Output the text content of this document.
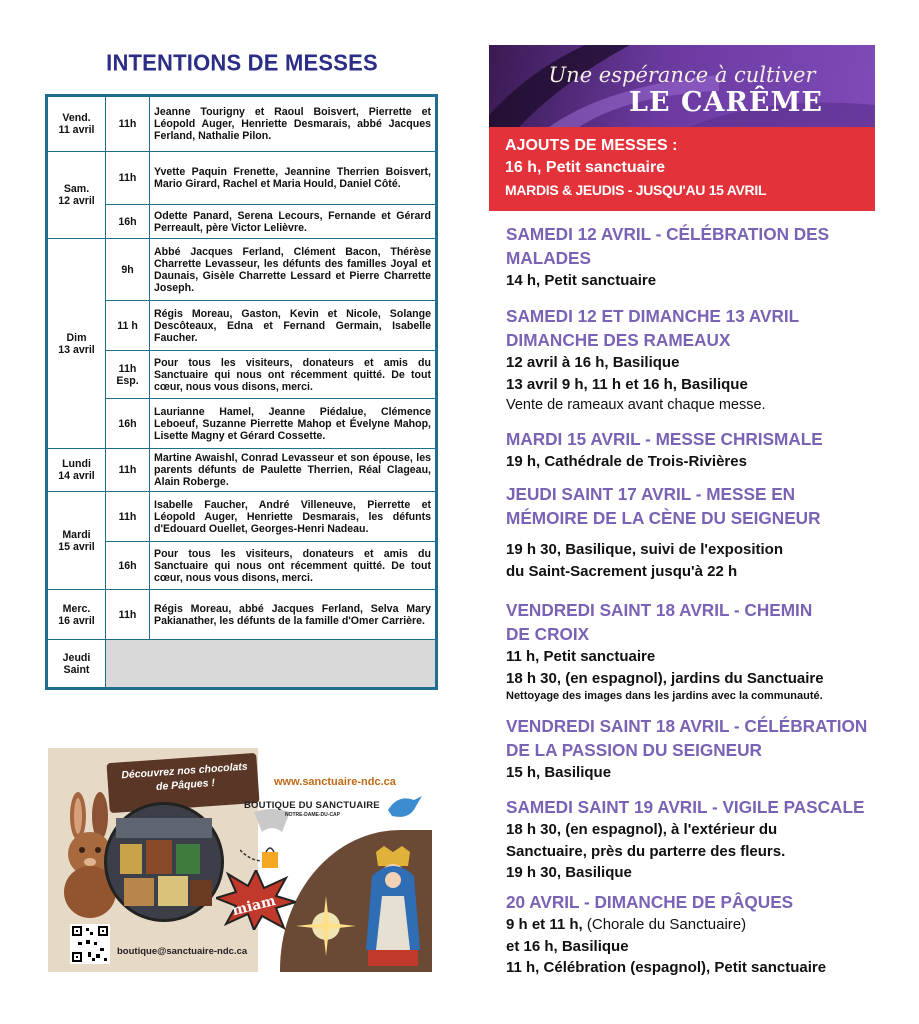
INTENTIONS DE MESSES
Vend.
11 avril	11h	Jeanne Tourigny et Raoul Boisvert, Pierrette et Léopold Auger, Henriette Desmarais, abbé Jacques Ferland, Nathalie Pilon.

Sam.
12 avril	11h	Yvette Paquin Frenette, Jeannine Therrien Boisvert, Mario Girard, Rachel et Maria Hould, Daniel Côté.
	16h	Odette Panard, Serena Lecours, Fernande et Gérard Perreault, père Victor Lelièvre.

Dim
13 avril	9h	Abbé Jacques Ferland, Clément Bacon, Thérèse Charrette Levasseur, les défunts des familles Joyal et Daunais, Gisèle Charrette Lessard et Pierre Charrette Joseph.
	11 h	Régis Moreau, Gaston, Kevin et Nicole, Solange Descôteaux, Edna et Fernand Germain, Isabelle Faucher.
	11h Esp.	Pour tous les visiteurs, donateurs et amis du Sanctuaire qui nous ont récemment quitté. De tout cœur, nous vous disons, merci.
	16h	Laurianne Hamel, Jeanne Piédalue, Clémence Leboeuf, Suzanne Pierrette Mahop et Évelyne Mahop, Lisette Magny et Gérard Cossette.

Lundi
14 avril	11h	Martine Awaishl, Conrad Levasseur et son épouse, les parents défunts de Paulette Therrien, Réal Clageau, Alain Roberge.

Mardi
15 avril	11h	Isabelle Faucher, André Villeneuve, Pierrette et Léopold Auger, Henriette Desmarais, les défunts d'Edouard Ouellet, Georges-Henri Nadeau.
	16h	Pour tous les visiteurs, donateurs et amis du Sanctuaire qui nous ont récemment quitté. De tout cœur, nous vous disons, merci.

Merc.
16 avril	11h	Régis Moreau, abbé Jacques Ferland, Selva Mary Pakianather, les défunts de la famille d'Omer Carrière.

Jeudi
Saint		

Découvrez nos chocolats de Pâques !	www.sanctuaire-ndc.ca
BOUTIQUE DU SANCTUAIRE
NOTRE-DAME-DU-CAP
Visitez notre boutique en ligne pour vos achats
miam
boutique@sanctuaire-ndc.ca
Une espérance à cultiver
LE CARÊME
AJOUTS DE MESSES :
16 h, Petit sanctuaire
MARDIS & JEUDIS - JUSQU'AU 15 AVRIL
SAMEDI 12 AVRIL - CÉLÉBRATION DES
MALADES
14 h, Petit sanctuaire
SAMEDI 12 ET DIMANCHE 13 AVRIL
DIMANCHE DES RAMEAUX
12 avril à 16 h, Basilique
13 avril 9 h, 11 h et 16 h, Basilique
Vente de rameaux avant chaque messe.
MARDI 15 AVRIL - MESSE CHRISMALE
19 h, Cathédrale de Trois-Rivières
JEUDI SAINT 17 AVRIL - MESSE EN
MÉMOIRE DE LA CÈNE DU SEIGNEUR
19 h 30, Basilique, suivi de l'exposition
du Saint-Sacrement jusqu'à 22 h
VENDREDI SAINT 18 AVRIL - CHEMIN
DE CROIX
11 h, Petit sanctuaire
18 h 30, (en espagnol), jardins du Sanctuaire
Nettoyage des images dans les jardins avec la communauté.
VENDREDI SAINT 18 AVRIL - CÉLÉBRATION
DE LA PASSION DU SEIGNEUR
15 h, Basilique
SAMEDI SAINT 19 AVRIL - VIGILE PASCALE
18 h 30, (en espagnol), à l'extérieur du
Sanctuaire, près du parterre des fleurs.
19 h 30, Basilique
20 AVRIL - DIMANCHE DE PÂQUES
9 h et 11 h, (Chorale du Sanctuaire)
et 16 h, Basilique
11 h, Célébration (espagnol), Petit sanctuaire
